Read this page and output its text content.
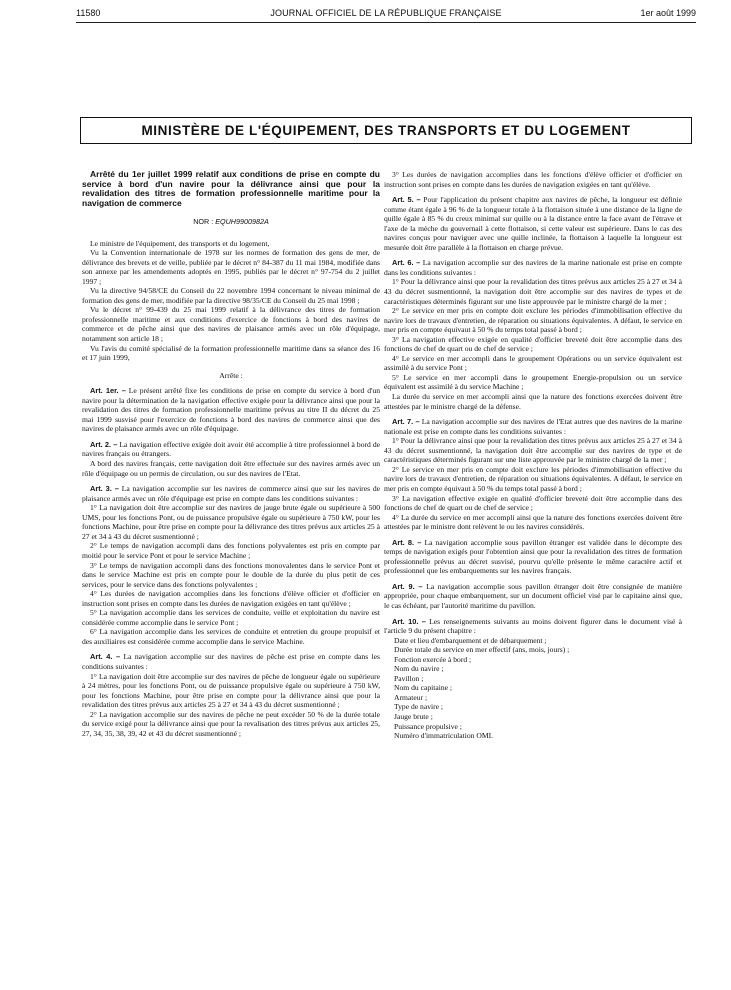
11580	JOURNAL OFFICIEL DE LA RÉPUBLIQUE FRANÇAISE	1er août 1999
MINISTÈRE DE L'ÉQUIPEMENT, DES TRANSPORTS ET DU LOGEMENT

Arrêté du 1er juillet 1999 relatif aux conditions de prise en compte du service à bord d'un navire pour la délivrance ainsi que pour la revalidation des titres de formation professionnelle maritime pour la navigation de commerce

NOR : EQUH9900982A

Le ministre de l'équipement, des transports et du logement,

Vu la Convention internationale de 1978 sur les normes de formation des gens de mer, de délivrance des brevets et de veille, publiée par le décret n° 84-387 du 11 mai 1984, modifiée dans son annexe par les amendements adoptés en 1995, publiés par le décret n° 97-754 du 2 juillet 1997 ;

Vu la directive 94/58/CE du Conseil du 22 novembre 1994 concernant le niveau minimal de formation des gens de mer, modifiée par la directive 98/35/CE du Conseil du 25 mai 1998 ;

Vu le décret n° 99-439 du 25 mai 1999 relatif à la délivrance des titres de formation professionnelle maritime et aux conditions d'exercice de fonctions à bord des navires de commerce et de pêche ainsi que des navires de plaisance armés avec un rôle d'équipage, notamment son article 18 ;

Vu l'avis du comité spécialisé de la formation professionnelle maritime dans sa séance des 16 et 17 juin 1999,

Arrête :

Art. 1er. – Le présent arrêté fixe les conditions de prise en compte du service à bord d'un navire pour la détermination de la navigation effective exigée pour la délivrance ainsi que pour la revalidation des titres de formation professionnelle maritime prévus au titre II du décret du 25 mai 1999 susvisé pour l'exercice de fonctions à bord des navires de commerce ainsi que des navires de plaisance armés avec un rôle d'équipage.

Art. 2. – La navigation effective exigée doit avoir été accomplie à titre professionnel à bord de navires français ou étrangers.

A bord des navires français, cette navigation doit être effectuée sur des navires armés avec un rôle d'équipage ou un permis de circulation, ou sur des navires de l'Etat.

Art. 3. – La navigation accomplie sur les navires de commerce ainsi que sur les navires de plaisance armés avec un rôle d'équipage est prise en compte dans les conditions suivantes :

1° La navigation doit être accomplie sur des navires de jauge brute égale ou supérieure à 500 UMS, pour les fonctions Pont, ou de puissance propulsive égale ou supérieure à 750 kW, pour les fonctions Machine, pour être prise en compte pour la délivrance des titres prévus aux articles 25 à 27 et 34 à 43 du décret susmentionné ;

2° Le temps de navigation accompli dans des fonctions polyvalentes est pris en compte par moitié pour le service Pont et pour le service Machine ;

3° Le temps de navigation accompli dans des fonctions monovalentes dans le service Pont et dans le service Machine est pris en compte pour le double de la durée du plus petit de ces services, pour le service dans des fonctions polyvalentes ;

4° Les durées de navigation accomplies dans les fonctions d'élève officier et d'officier en instruction sont prises en compte dans les durées de navigation exigées en tant qu'élève ;

5° La navigation accomplie dans les services de conduite, veille et exploitation du navire est considérée comme accomplie dans le service Pont ;

6° La navigation accomplie dans les services de conduite et entretien du groupe propulsif et des auxiliaires est considérée comme accomplie dans le service Machine.

Art. 4. – La navigation accomplie sur des navires de pêche est prise en compte dans les conditions suivantes :

1° La navigation doit être accomplie sur des navires de pêche de longueur égale ou supérieure à 24 mètres, pour les fonctions Pont, ou de puissance propulsive égale ou supérieure à 750 kW, pour les fonctions Machine, pour être prise en compte pour la délivrance ainsi que pour la revalidation des titres prévus aux articles 25 à 27 et 34 à 43 du décret susmentionné ;

2° La navigation accomplie sur des navires de pêche ne peut excéder 50 % de la durée totale du service exigé pour la délivrance ainsi que pour la revalisation des titres prévus aux articles 25, 27, 34, 35, 38, 39, 42 et 43 du décret susmentionné ;

3° Les durées de navigation accomplies dans les fonctions d'élève officier et d'officier en instruction sont prises en compte dans les durées de navigation exigées en tant qu'élève.

Art. 5. – Pour l'application du présent chapitre aux navires de pêche, la longueur est définie comme étant égale à 96 % de la longueur totale à la flottaison située à une distance de la ligne de quille égale à 85 % du creux minimal sur quille ou à la distance entre la face avant de l'étrave et l'axe de la mèche du gouvernail à cette flottaison, si cette valeur est supérieure. Dans le cas des navires conçus pour naviguer avec une quille inclinée, la flottaison à laquelle la longueur est mesurée doit être parallèle à la flottaison en charge prévue.

Art. 6. – La navigation accomplie sur des navires de la marine nationale est prise en compte dans les conditions suivantes :

1° Pour la délivrance ainsi que pour la revalidation des titres prévus aux articles 25 à 27 et 34 à 43 du décret susmentionné, la navigation doit être accomplie sur des navires de types et de caractéristiques déterminés figurant sur une liste approuvée par le ministre chargé de la mer ;

2° Le service en mer pris en compte doit exclure les périodes d'immobilisation effective du navire lors de travaux d'entretien, de réparation ou situations équivalentes. A défaut, le service en mer pris en compte équivaut à 50 % du temps total passé à bord ;

3° La navigation effective exigée en qualité d'officier breveté doit être accomplie dans des fonctions de chef de quart ou de chef de service ;

4° Le service en mer accompli dans le groupement Opérations ou un service équivalent est assimilé à du service Pont ;

5° Le service en mer accompli dans le groupement Energie-propulsion ou un service équivalent est assimilé à du service Machine ;

La durée du service en mer accompli ainsi que la nature des fonctions exercées doivent être attestées par le ministre chargé de la défense.

Art. 7. – La navigation accomplie sur des navires de l'Etat autres que des navires de la marine nationale est prise en compte dans les conditions suivantes :

1° Pour la délivrance ainsi que pour la revalidation des titres prévus aux articles 25 à 27 et 34 à 43 du décret susmentionné, la navigation doit être accomplie sur des navires de type et de caractéristiques déterminés figurant sur une liste approuvée par le ministre chargé de la mer ;

2° Le service en mer pris en compte doit exclure les périodes d'immobilisation effective du navire lors de travaux d'entretien, de réparation ou situations équivalentes. A défaut, le service en mer pris en compte équivaut à 50 % du temps total passé à bord ;

3° La navigation effective exigée en qualité d'officier breveté doit être accomplie dans des fonctions de chef de quart ou de chef de service ;

4° La durée du service en mer accompli ainsi que la nature des fonctions exercées doivent être attestées par le ministre dont relèvent le ou les navires considérés.

Art. 8. – La navigation accomplie sous pavillon étranger est validée dans le décompte des temps de navigation exigés pour l'obtention ainsi que pour la revalidation des titres de formation professionnelle prévus au décret susvisé, pourvu qu'elle présente le même caractère actif et professionnel que les embarquements sur les navires français.

Art. 9. – La navigation accomplie sous pavillon étranger doit être consignée de manière appropriée, pour chaque embarquement, sur un document officiel visé par le capitaine ainsi que, le cas échéant, par l'autorité maritime du pavillon.

Art. 10. – Les renseignements suivants au moins doivent figurer dans le document visé à l'article 9 du présent chapitre :

Date et lieu d'embarquement et de débarquement ;
Durée totale du service en mer effectif (ans, mois, jours) ;
Fonction exercée à bord ;
Nom du navire ;
Pavillon ;
Nom du capitaine ;
Armateur ;
Type de navire ;
Jauge brute ;
Puissance propulsive ;
Numéro d'immatriculation OMI.
